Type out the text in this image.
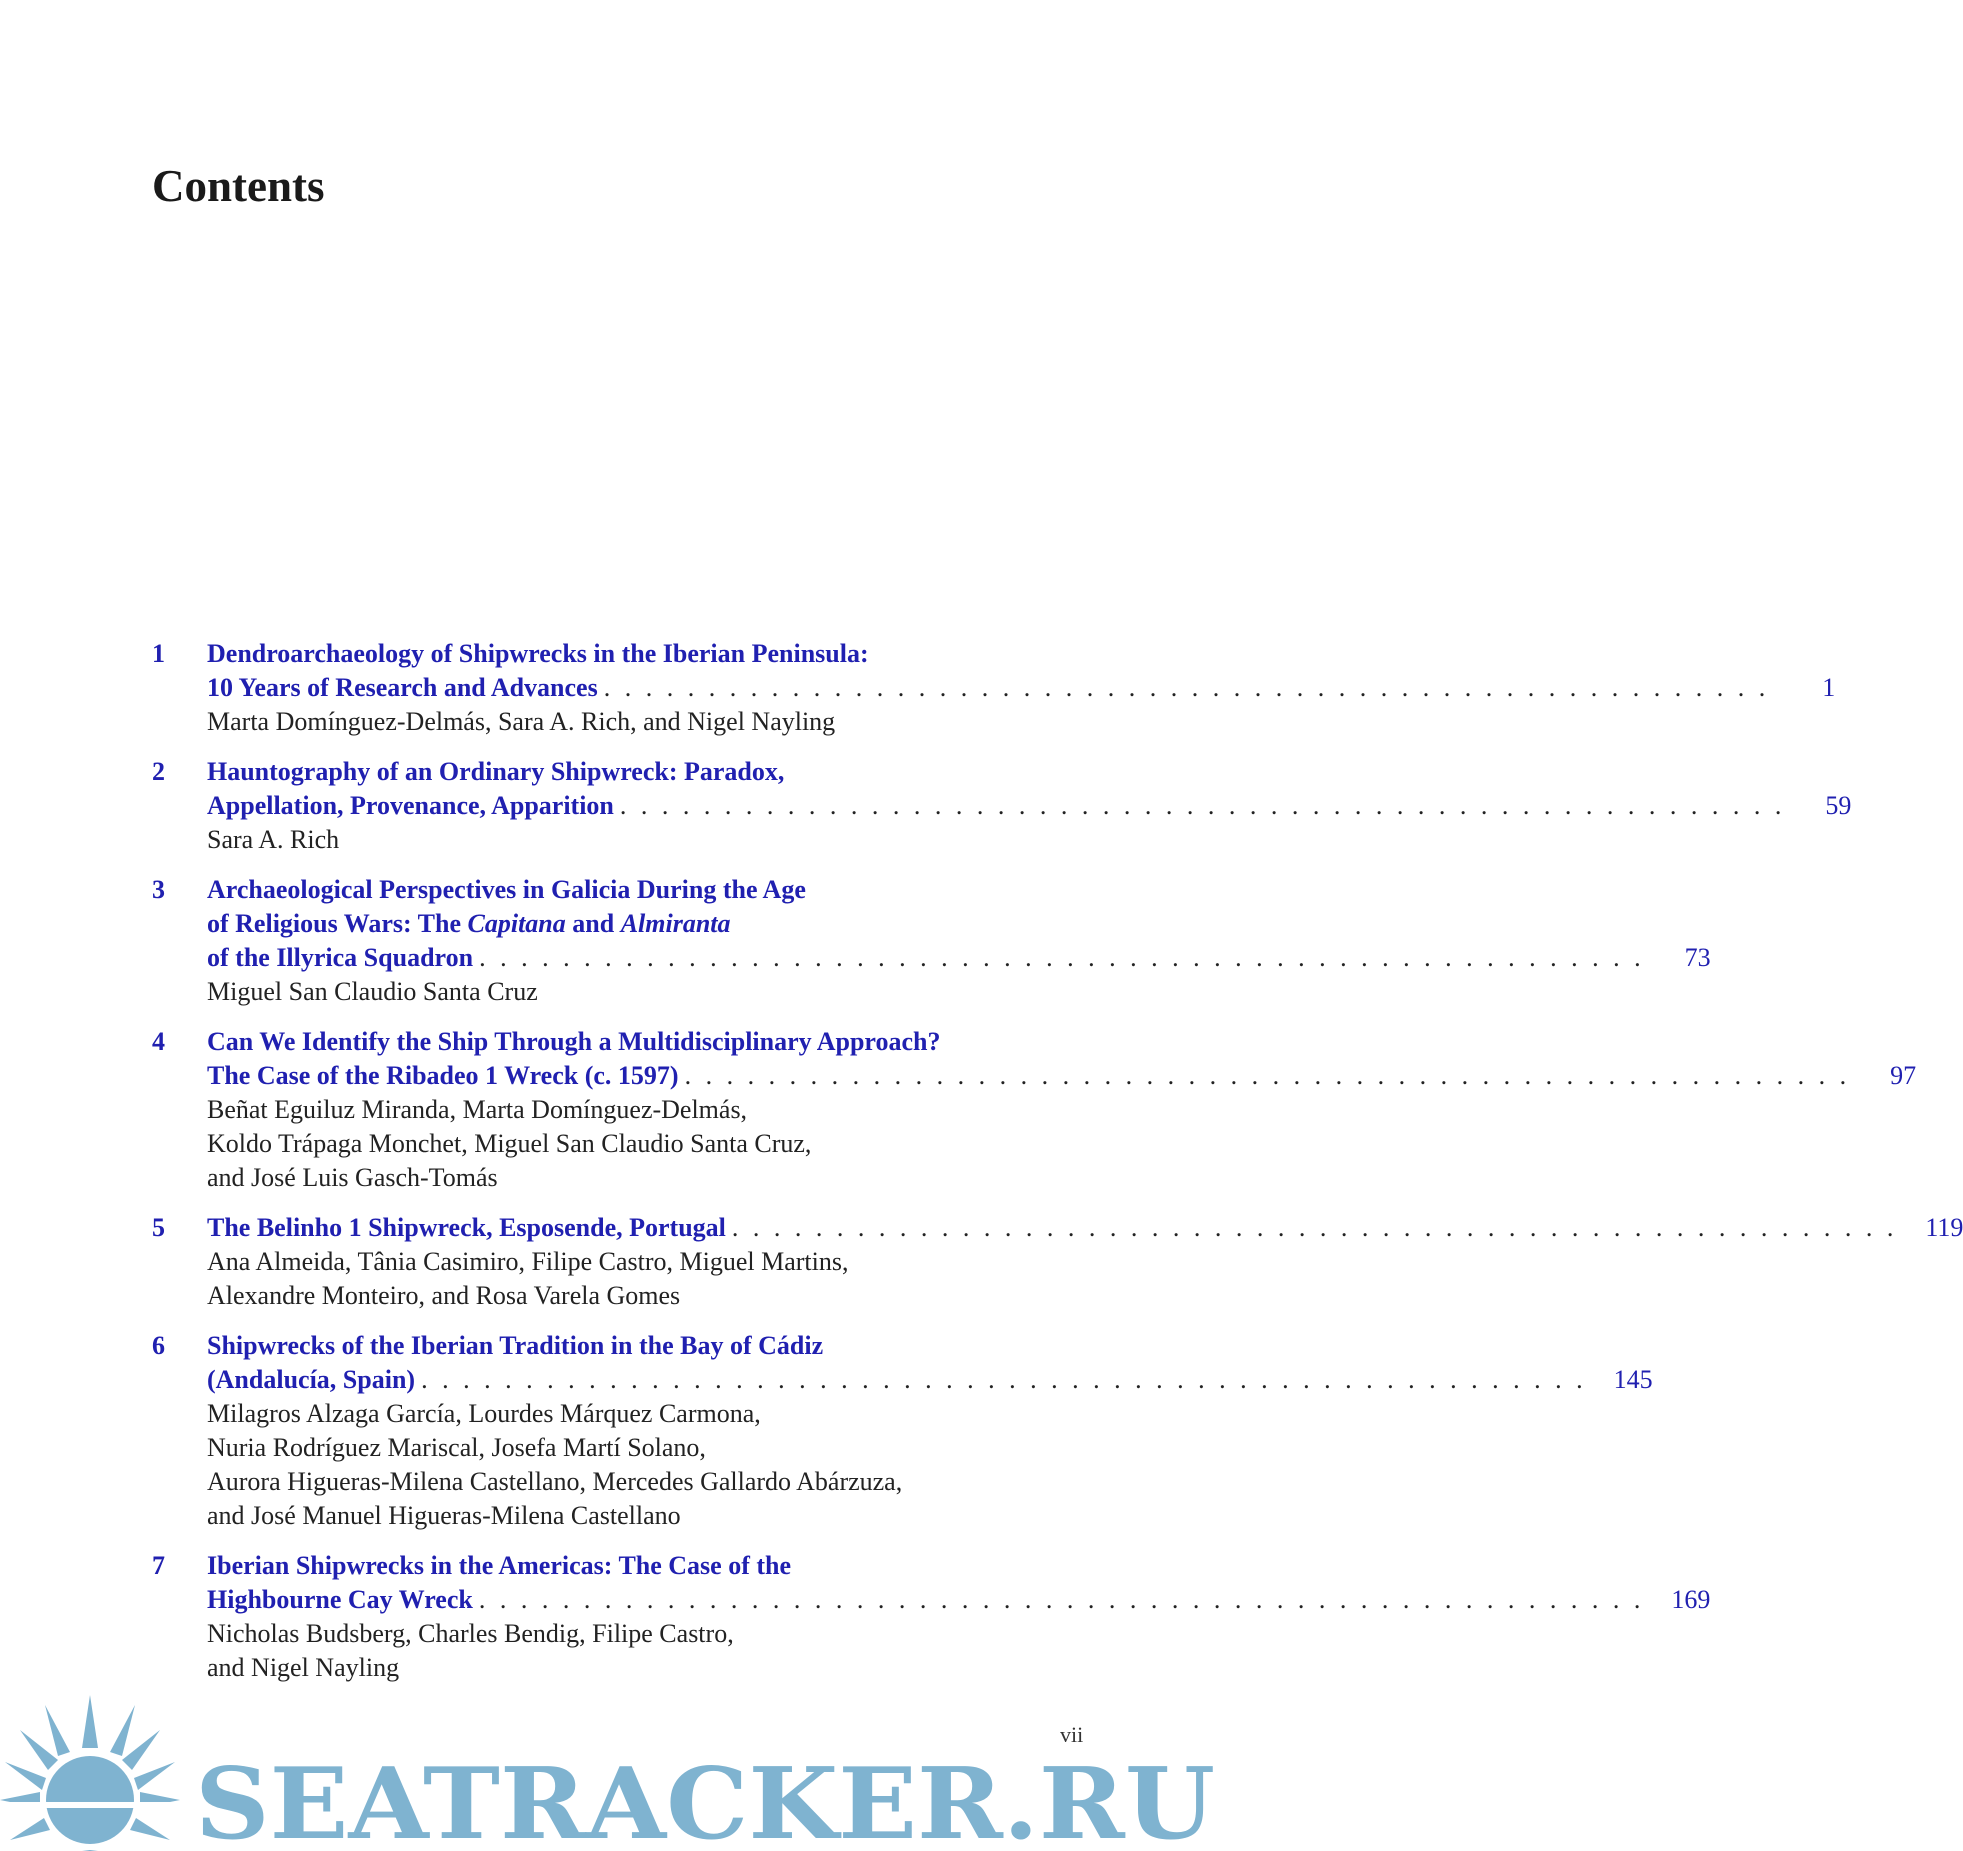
Contents
1 Dendroarchaeology of Shipwrecks in the Iberian Peninsula:
10 Years of Research and Advances . . . . . . . . . . . . . . . . . . . . . . . . . . . . . . . . . . . . . . . . . . . . . . . . . . . . . . . .	1
Marta Domínguez-Delmás, Sara A. Rich, and Nigel Nayling
2 Hauntography of an Ordinary Shipwreck: Paradox,
Appellation, Provenance, Apparition . . . . . . . . . . . . . . . . . . . . . . . . . . . . . . . . . . . . . . . . . . . . . . . . . . . . . . . .	59
Sara A. Rich
3 Archaeological Perspectives in Galicia During the Age
of Religious Wars: The Capitana and Almiranta
of the Illyrica Squadron . . . . . . . . . . . . . . . . . . . . . . . . . . . . . . . . . . . . . . . . . . . . . . . . . . . . . . . .	73
Miguel San Claudio Santa Cruz
4 Can We Identify the Ship Through a Multidisciplinary Approach?
The Case of the Ribadeo 1 Wreck (c. 1597) . . . . . . . . . . . . . . . . . . . . . . . . . . . . . . . . . . . . . . . . . . . . . . . . . . . . . . . .	97
Beñat Eguiluz Miranda, Marta Domínguez-Delmás,
Koldo Trápaga Monchet, Miguel San Claudio Santa Cruz,
and José Luis Gasch-Tomás
5 The Belinho 1 Shipwreck, Esposende, Portugal . . . . . . . . . . . . . . . . . . . . . . . . . . . . . . . . . . . . . . . . . . . . . . . . . . . . . . . .	119
Ana Almeida, Tânia Casimiro, Filipe Castro, Miguel Martins,
Alexandre Monteiro, and Rosa Varela Gomes
6 Shipwrecks of the Iberian Tradition in the Bay of Cádiz
(Andalucía, Spain) . . . . . . . . . . . . . . . . . . . . . . . . . . . . . . . . . . . . . . . . . . . . . . . . . . . . . . . .	145
Milagros Alzaga García, Lourdes Márquez Carmona,
Nuria Rodríguez Mariscal, Josefa Martí Solano,
Aurora Higueras-Milena Castellano, Mercedes Gallardo Abárzuza,
and José Manuel Higueras-Milena Castellano
7 Iberian Shipwrecks in the Americas: The Case of the
Highbourne Cay Wreck . . . . . . . . . . . . . . . . . . . . . . . . . . . . . . . . . . . . . . . . . . . . . . . . . . . . . . . .	169
Nicholas Budsberg, Charles Bendig, Filipe Castro,
and Nigel Nayling
vii
SEATRACKER.RU
